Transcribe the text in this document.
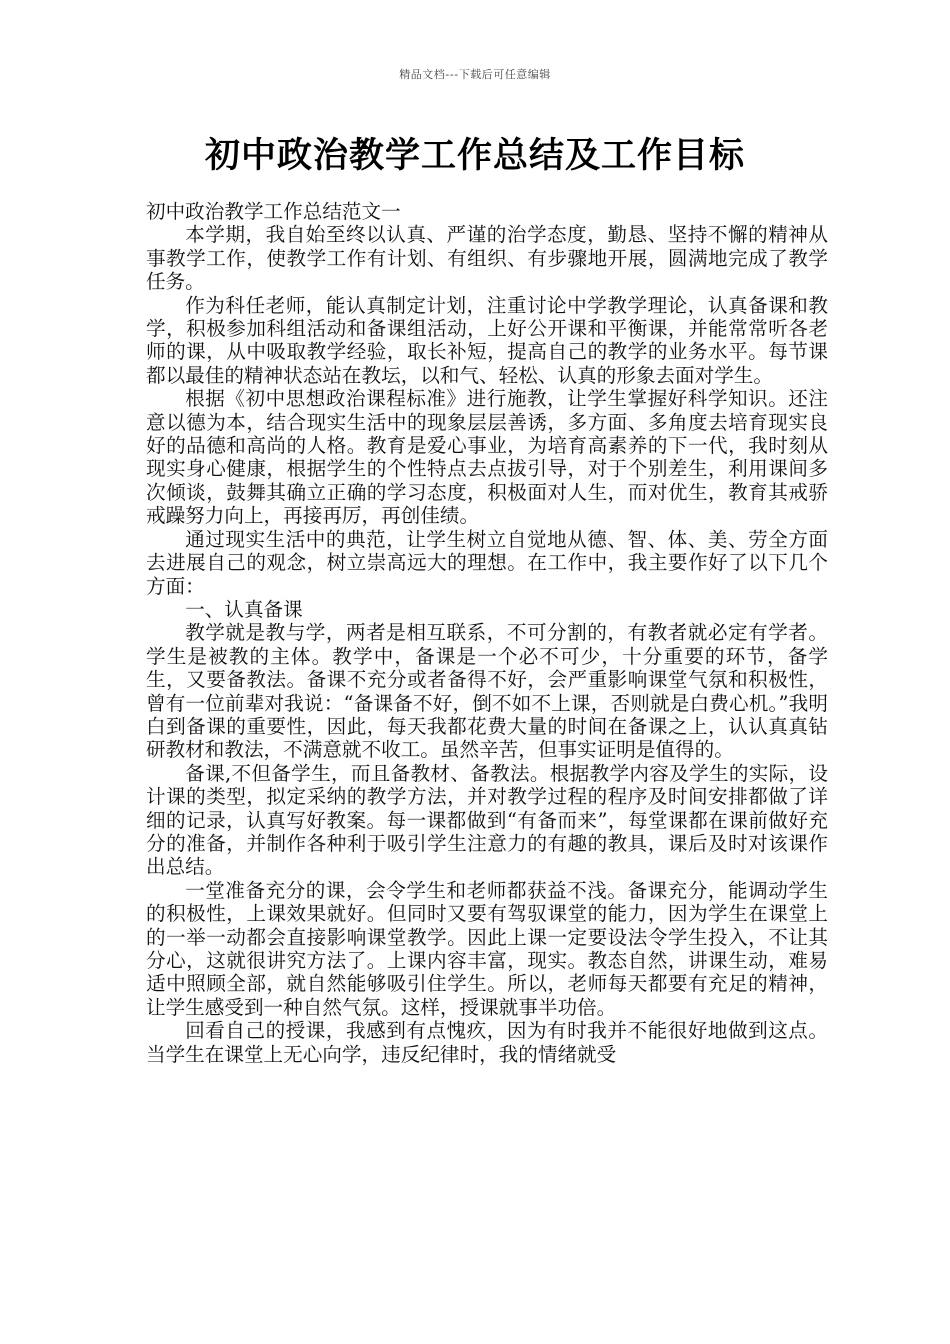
精品文档---下载后可任意编辑
初中政治教学工作总结及工作目标

初中政治教学工作总结范文一

本学期，我自始至终以认真、严谨的治学态度，勤恳、坚持不懈的精神从事教学工作，使教学工作有计划、有组织、有步骤地开展，圆满地完成了教学任务。

作为科任老师，能认真制定计划，注重讨论中学教学理论，认真备课和教学，积极参加科组活动和备课组活动，上好公开课和平衡课，并能常常听各老师的课，从中吸取教学经验，取长补短，提高自己的教学的业务水平。每节课都以最佳的精神状态站在教坛，以和气、轻松、认真的形象去面对学生。

根据《初中思想政治课程标准》进行施教，让学生掌握好科学知识。还注意以德为本，结合现实生活中的现象层层善诱，多方面、多角度去培育现实良好的品德和高尚的人格。教育是爱心事业，为培育高素养的下一代，我时刻从现实身心健康，根据学生的个性特点去点拔引导，对于个别差生，利用课间多次倾谈，鼓舞其确立正确的学习态度，积极面对人生，而对优生，教育其戒骄戒躁努力向上，再接再厉，再创佳绩。

通过现实生活中的典范，让学生树立自觉地从德、智、体、美、劳全方面去进展自己的观念，树立崇高远大的理想。在工作中，我主要作好了以下几个方面：

一、认真备课

教学就是教与学，两者是相互联系，不可分割的，有教者就必定有学者。学生是被教的主体。教学中，备课是一个必不可少，十分重要的环节，备学生，又要备教法。备课不充分或者备得不好，会严重影响课堂气氛和积极性，曾有一位前辈对我说：“备课备不好，倒不如不上课，否则就是白费心机。”我明白到备课的重要性，因此，每天我都花费大量的时间在备课之上，认认真真钻研教材和教法，不满意就不收工。虽然辛苦，但事实证明是值得的。

备课,不但备学生，而且备教材、备教法。根据教学内容及学生的实际，设计课的类型，拟定采纳的教学方法，并对教学过程的程序及时间安排都做了详细的记录，认真写好教案。每一课都做到“有备而来”，每堂课都在课前做好充分的准备，并制作各种利于吸引学生注意力的有趣的教具，课后及时对该课作出总结。

一堂准备充分的课，会令学生和老师都获益不浅。备课充分，能调动学生的积极性，上课效果就好。但同时又要有驾驭课堂的能力，因为学生在课堂上的一举一动都会直接影响课堂教学。因此上课一定要设法令学生投入，不让其分心，这就很讲究方法了。上课内容丰富，现实。教态自然，讲课生动，难易适中照顾全部，就自然能够吸引住学生。所以，老师每天都要有充足的精神，让学生感受到一种自然气氛。这样，授课就事半功倍。

回看自己的授课，我感到有点愧疚，因为有时我并不能很好地做到这点。当学生在课堂上无心向学，违反纪律时，我的情绪就受
